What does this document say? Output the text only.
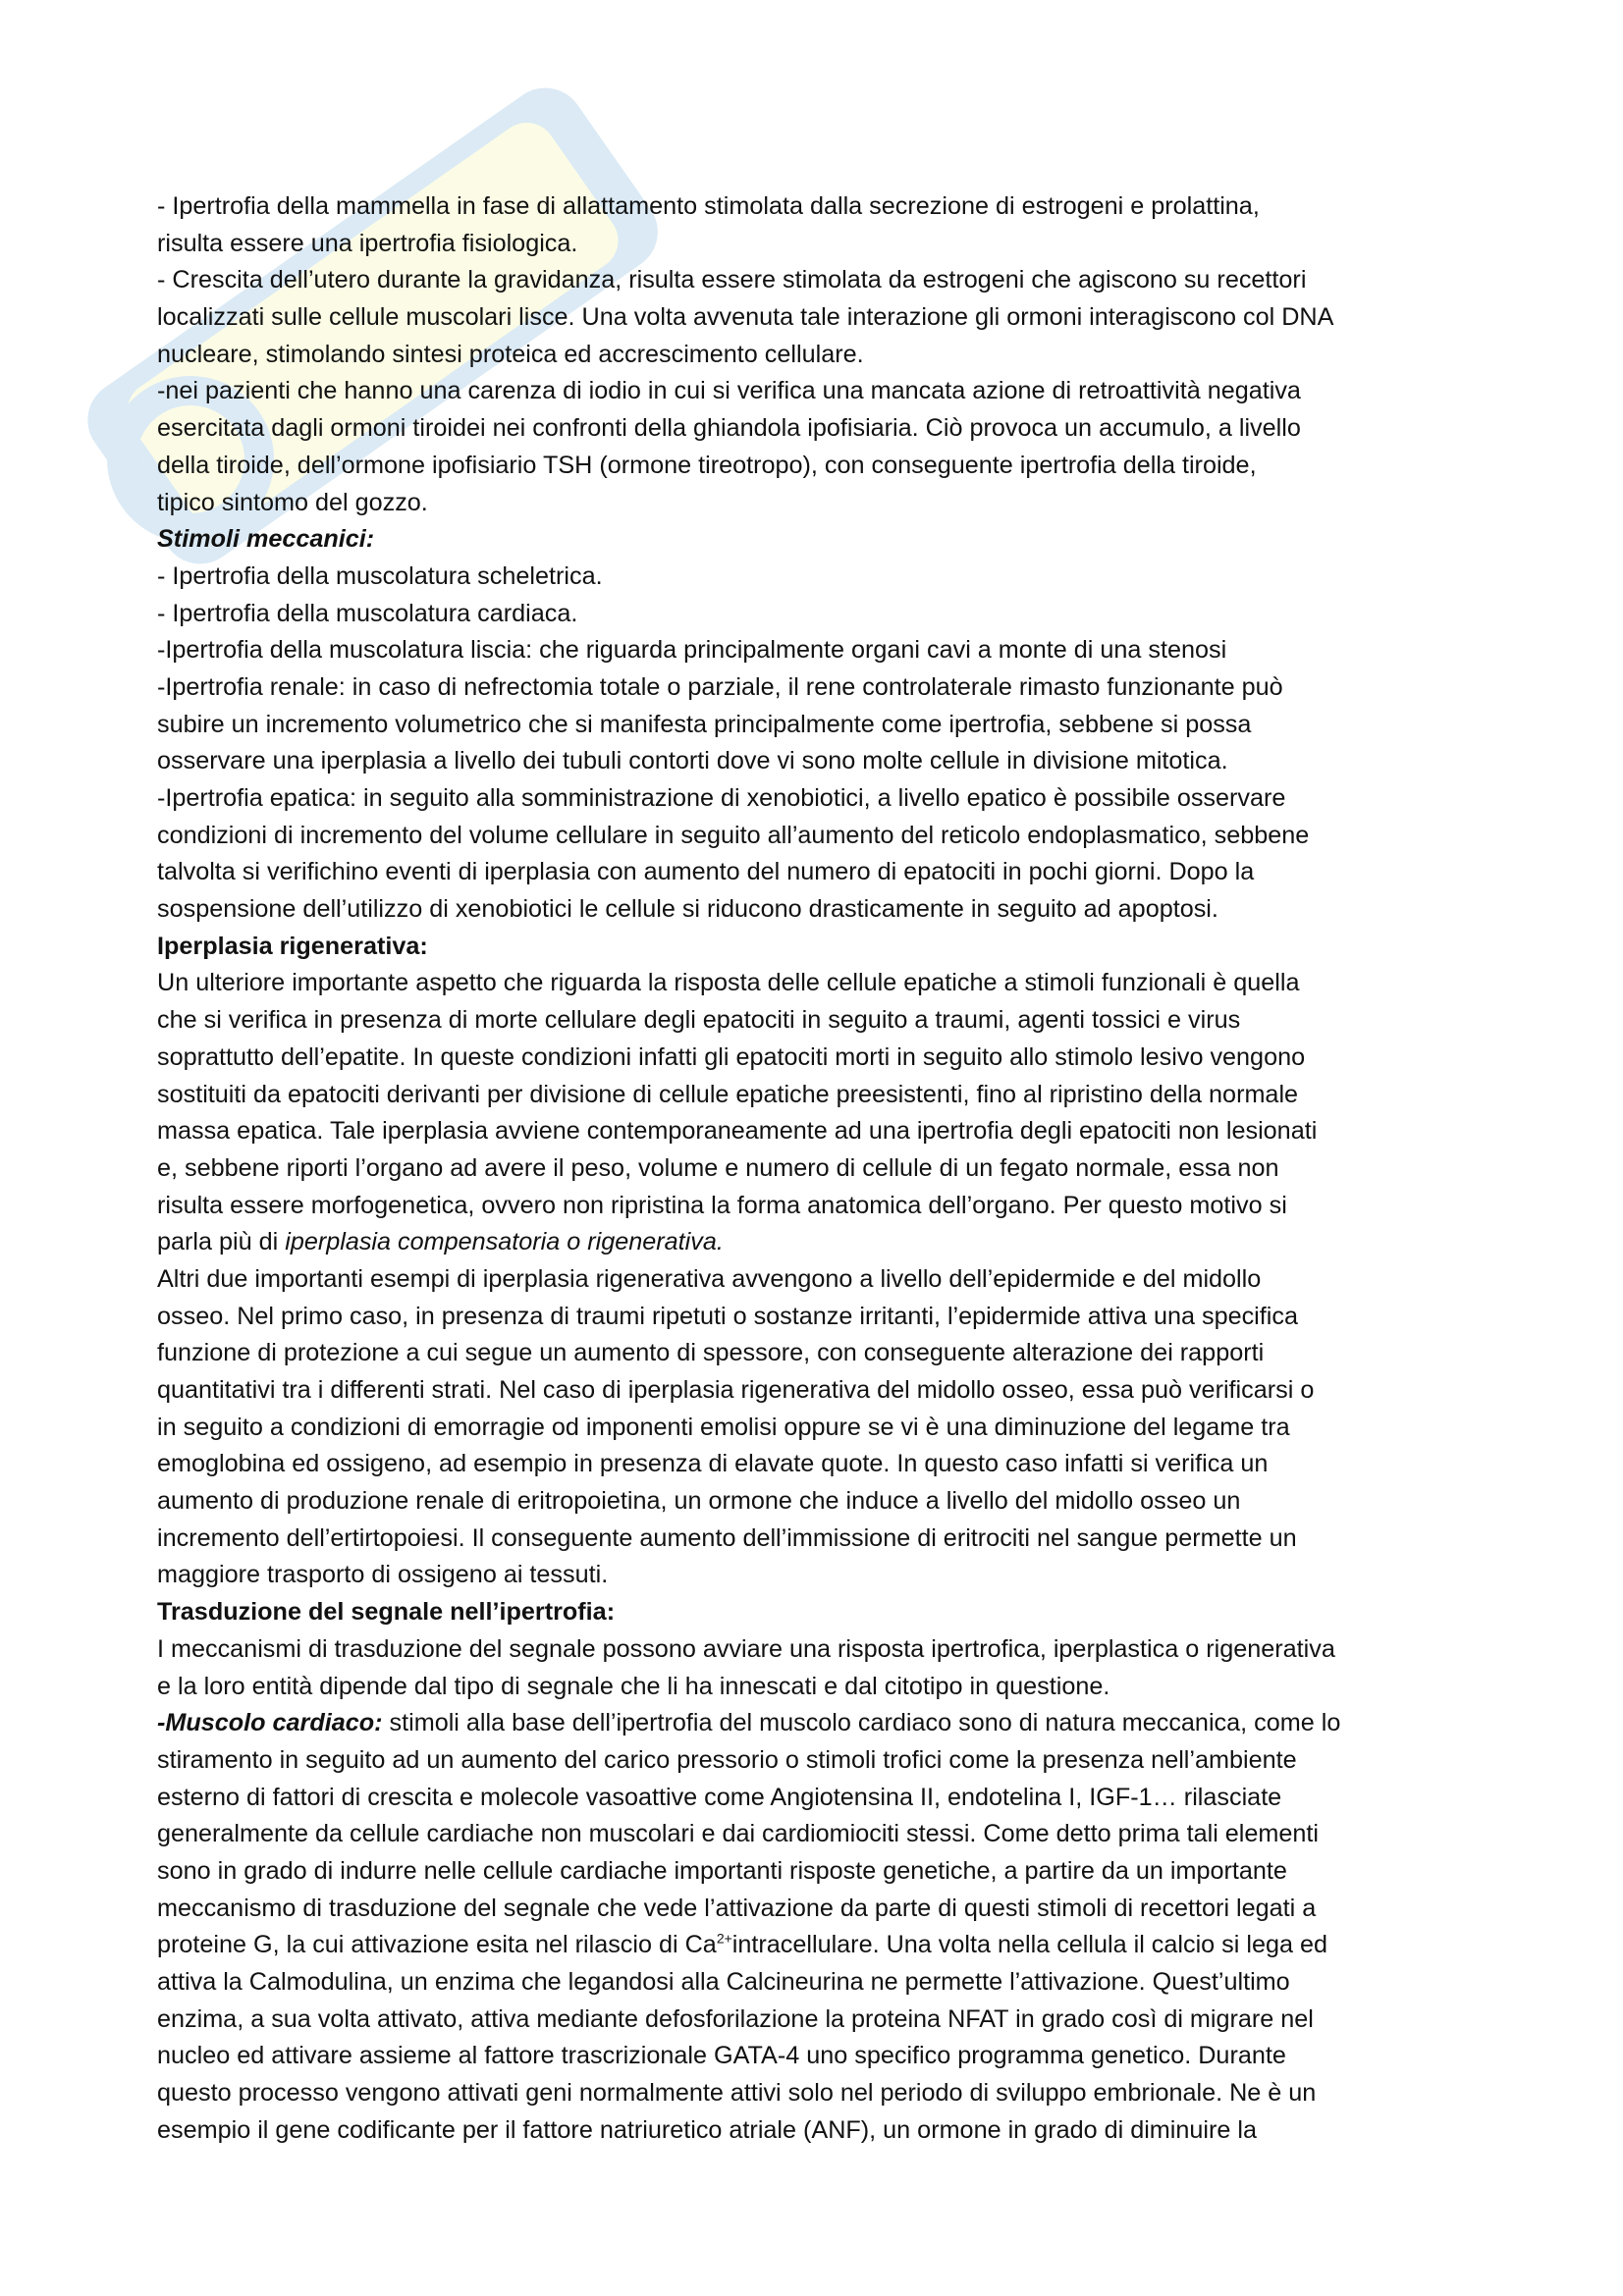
- Ipertrofia della mammella in fase di allattamento stimolata dalla secrezione di estrogeni e prolattina,
risulta essere una ipertrofia fisiologica.
- Crescita dell’utero durante la gravidanza, risulta essere stimolata da estrogeni che agiscono su recettori
localizzati sulle cellule muscolari lisce. Una volta avvenuta tale interazione gli ormoni interagiscono col DNA
nucleare, stimolando sintesi proteica ed accrescimento cellulare.
-nei pazienti che hanno una carenza di iodio in cui si verifica una mancata azione di retroattività negativa
esercitata dagli ormoni tiroidei nei confronti della ghiandola ipofisiaria. Ciò provoca un accumulo, a livello
della tiroide, dell’ormone ipofisiario TSH (ormone tireotropo), con conseguente ipertrofia della tiroide,
tipico sintomo del gozzo.
Stimoli meccanici:
- Ipertrofia della muscolatura scheletrica.
- Ipertrofia della muscolatura cardiaca.
-Ipertrofia della muscolatura liscia: che riguarda principalmente organi cavi a monte di una stenosi
-Ipertrofia renale: in caso di nefrectomia totale o parziale, il rene controlaterale rimasto funzionante può
subire un incremento volumetrico che si manifesta principalmente come ipertrofia, sebbene si possa
osservare una iperplasia a livello dei tubuli contorti dove vi sono molte cellule in divisione mitotica.
-Ipertrofia epatica: in seguito alla somministrazione di xenobiotici, a livello epatico è possibile osservare
condizioni di incremento del volume cellulare in seguito all’aumento del reticolo endoplasmatico, sebbene
talvolta si verifichino eventi di iperplasia con aumento del numero di epatociti in pochi giorni. Dopo la
sospensione dell’utilizzo di xenobiotici le cellule si riducono drasticamente in seguito ad apoptosi.
Iperplasia rigenerativa:
Un ulteriore importante aspetto che riguarda la risposta delle cellule epatiche a stimoli funzionali è quella
che si verifica in presenza di morte cellulare degli epatociti in seguito a traumi, agenti tossici e virus
soprattutto dell’epatite. In queste condizioni infatti gli epatociti morti in seguito allo stimolo lesivo vengono
sostituiti da epatociti derivanti per divisione di cellule epatiche preesistenti, fino al ripristino della normale
massa epatica. Tale iperplasia avviene contemporaneamente ad una ipertrofia degli epatociti non lesionati
e, sebbene riporti l’organo ad avere il peso, volume e numero di cellule di un fegato normale, essa non
risulta essere morfogenetica, ovvero non ripristina la forma anatomica dell’organo. Per questo motivo si
parla più di iperplasia compensatoria o rigenerativa.
Altri due importanti esempi di iperplasia rigenerativa avvengono a livello dell’epidermide e del midollo
osseo. Nel primo caso, in presenza di traumi ripetuti o sostanze irritanti, l’epidermide attiva una specifica
funzione di protezione a cui segue un aumento di spessore, con conseguente alterazione dei rapporti
quantitativi tra i differenti strati. Nel caso di iperplasia rigenerativa del midollo osseo, essa può verificarsi o
in seguito a condizioni di emorragie od imponenti emolisi oppure se vi è una diminuzione del legame tra
emoglobina ed ossigeno, ad esempio in presenza di elavate quote. In questo caso infatti si verifica un
aumento di produzione renale di eritropoietina, un ormone che induce a livello del midollo osseo un
incremento dell’ertirtopoiesi. Il conseguente aumento dell’immissione di eritrociti nel sangue permette un
maggiore trasporto di ossigeno ai tessuti.
Trasduzione del segnale nell’ipertrofia:
I meccanismi di trasduzione del segnale possono avviare una risposta ipertrofica, iperplastica o rigenerativa
e la loro entità dipende dal tipo di segnale che li ha innescati e dal citotipo in questione.
-Muscolo cardiaco: stimoli alla base dell’ipertrofia del muscolo cardiaco sono di natura meccanica, come lo
stiramento in seguito ad un aumento del carico pressorio o stimoli trofici come la presenza nell’ambiente
esterno di fattori di crescita e molecole vasoattive come Angiotensina II, endotelina I, IGF-1… rilasciate
generalmente da cellule cardiache non muscolari e dai cardiomiociti stessi. Come detto prima tali elementi
sono in grado di indurre nelle cellule cardiache importanti risposte genetiche, a partire da un importante
meccanismo di trasduzione del segnale che vede l’attivazione da parte di questi stimoli di recettori legati a
proteine G, la cui attivazione esita nel rilascio di $Ca^{2+}intracellulare$. Una volta nella cellula il calcio si lega ed
attiva la Calmodulina, un enzima che legandosi alla Calcineurina ne permette l’attivazione. Quest’ultimo
enzima, a sua volta attivato, attiva mediante defosforilazione la proteina NFAT in grado così di migrare nel
nucleo ed attivare assieme al fattore trascrizionale GATA-4 uno specifico programma genetico. Durante
questo processo vengono attivati geni normalmente attivi solo nel periodo di sviluppo embrionale. Ne è un
esempio il gene codificante per il fattore natriuretico atriale (ANF), un ormone in grado di diminuire la
